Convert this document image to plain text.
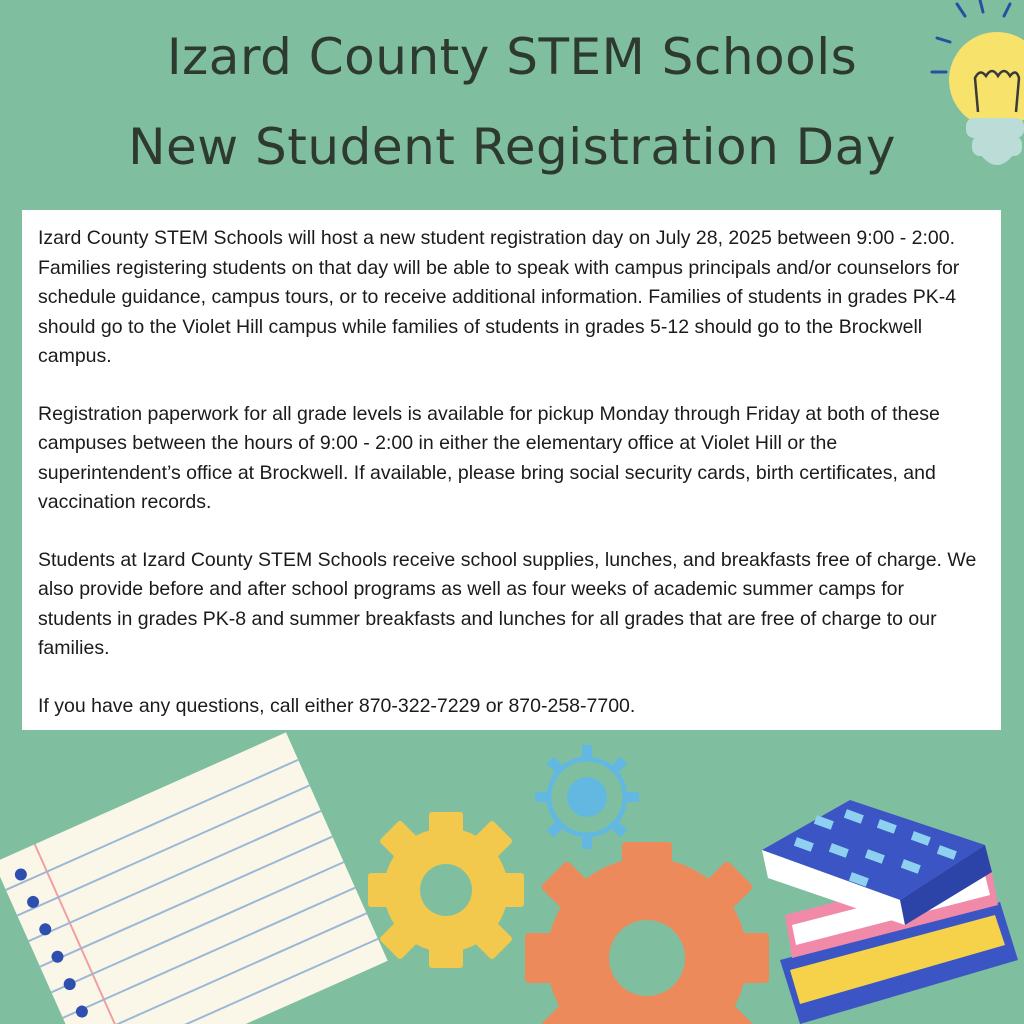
Izard County STEM Schools
New Student Registration Day

Izard County STEM Schools will host a new student registration day on July 28, 2025 between 9:00 - 2:00. Families registering students on that day will be able to speak with campus principals and/or counselors for schedule guidance, campus tours, or to receive additional information. Families of students in grades PK-4 should go to the Violet Hill campus while families of students in grades 5-12 should go to the Brockwell campus.

Registration paperwork for all grade levels is available for pickup Monday through Friday at both of these campuses between the hours of 9:00 - 2:00 in either the elementary office at Violet Hill or the superintendent’s office at Brockwell. If available, please bring social security cards, birth certificates, and vaccination records.

Students at Izard County STEM Schools receive school supplies, lunches, and breakfasts free of charge. We also provide before and after school programs as well as four weeks of academic summer camps for students in grades PK-8 and summer breakfasts and lunches for all grades that are free of charge to our families.

If you have any questions, call either 870-322-7229 or 870-258-7700.
